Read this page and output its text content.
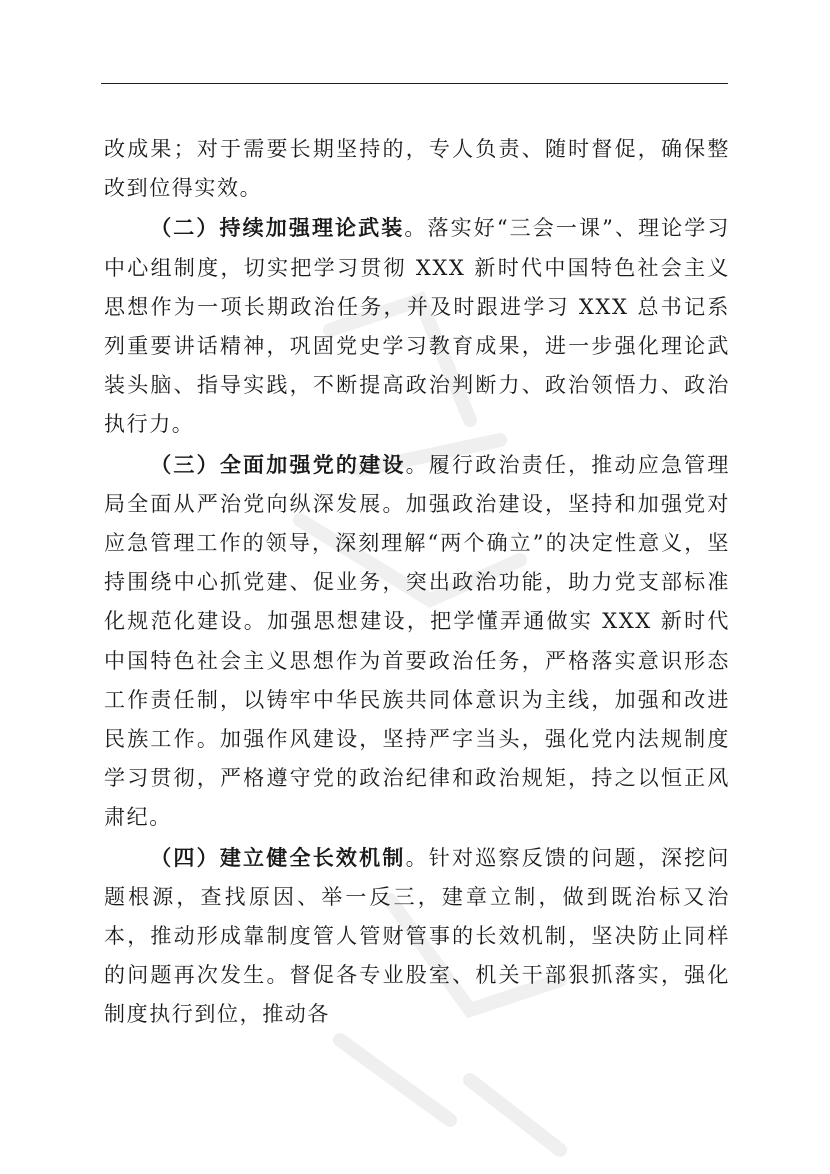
改成果；对于需要长期坚持的，专人负责、随时督促，确保整改到位得实效。

（二）持续加强理论武装。落实好“三会一课”、理论学习中心组制度，切实把学习贯彻 XXX 新时代中国特色社会主义思想作为一项长期政治任务，并及时跟进学习 XXX 总书记系列重要讲话精神，巩固党史学习教育成果，进一步强化理论武装头脑、指导实践，不断提高政治判断力、政治领悟力、政治执行力。

（三）全面加强党的建设。履行政治责任，推动应急管理局全面从严治党向纵深发展。加强政治建设，坚持和加强党对应急管理工作的领导，深刻理解“两个确立”的决定性意义，坚持围绕中心抓党建、促业务，突出政治功能，助力党支部标准化规范化建设。加强思想建设，把学懂弄通做实 XXX 新时代中国特色社会主义思想作为首要政治任务，严格落实意识形态工作责任制，以铸牢中华民族共同体意识为主线，加强和改进民族工作。加强作风建设，坚持严字当头，强化党内法规制度学习贯彻，严格遵守党的政治纪律和政治规矩，持之以恒正风肃纪。

（四）建立健全长效机制。针对巡察反馈的问题，深挖问题根源，查找原因、举一反三，建章立制，做到既治标又治本，推动形成靠制度管人管财管事的长效机制，坚决防止同样的问题再次发生。督促各专业股室、机关干部狠抓落实，强化制度执行到位，推动各
